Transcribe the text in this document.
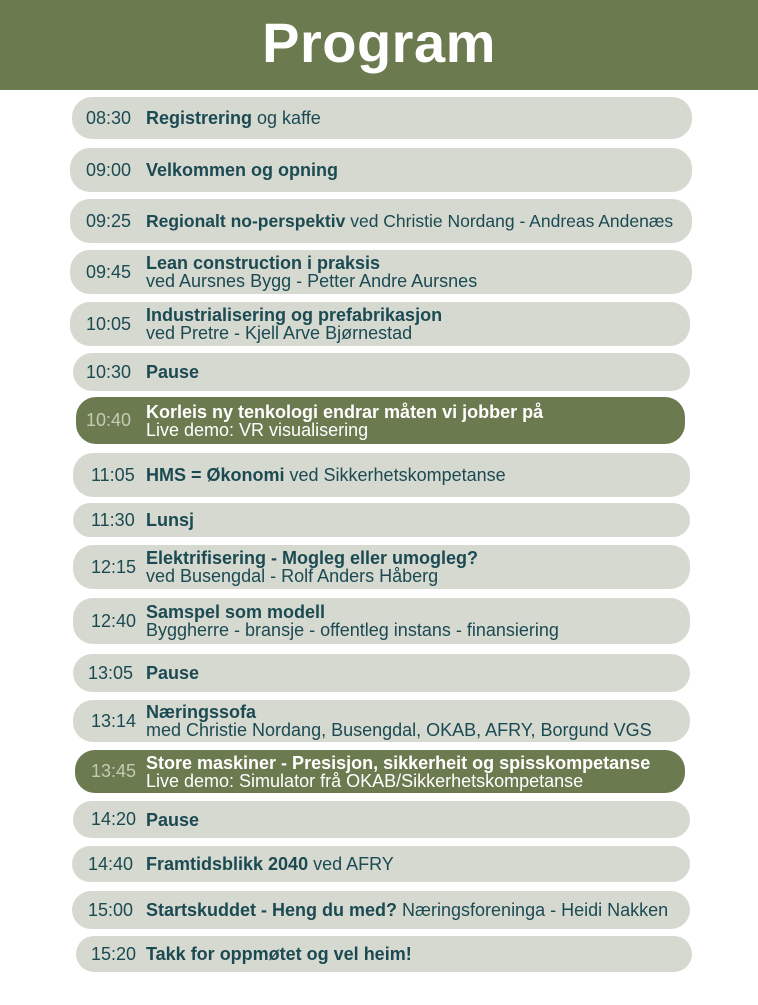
Program
08:30 Registrering og kaffe
09:00 Velkommen og opning
09:25 Regionalt no-perspektiv ved Christie Nordang - Andreas Andenæs
09:45 Lean construction i praksis
ved Aursnes Bygg - Petter Andre Aursnes
10:05 Industrialisering og prefabrikasjon
ved Pretre - Kjell Arve Bjørnestad
10:30 Pause
10:40 Korleis ny tenkologi endrar måten vi jobber på
Live demo: VR visualisering
11:05 HMS = Økonomi ved Sikkerhetskompetanse
11:30 Lunsj
12:15 Elektrifisering - Mogleg eller umogleg?
ved Busengdal - Rolf Anders Håberg
12:40 Samspel som modell
Byggherre - bransje - offentleg instans - finansiering
13:05 Pause
13:14 Næringssofa
med Christie Nordang, Busengdal, OKAB, AFRY, Borgund VGS
13:45 Store maskiner - Presisjon, sikkerheit og spisskompetanse
Live demo: Simulator frå OKAB/Sikkerhetskompetanse
14:20 Pause
14:40 Framtidsblikk 2040 ved AFRY
15:00 Startskuddet - Heng du med? Næringsforeninga - Heidi Nakken
15:20 Takk for oppmøtet og vel heim!
